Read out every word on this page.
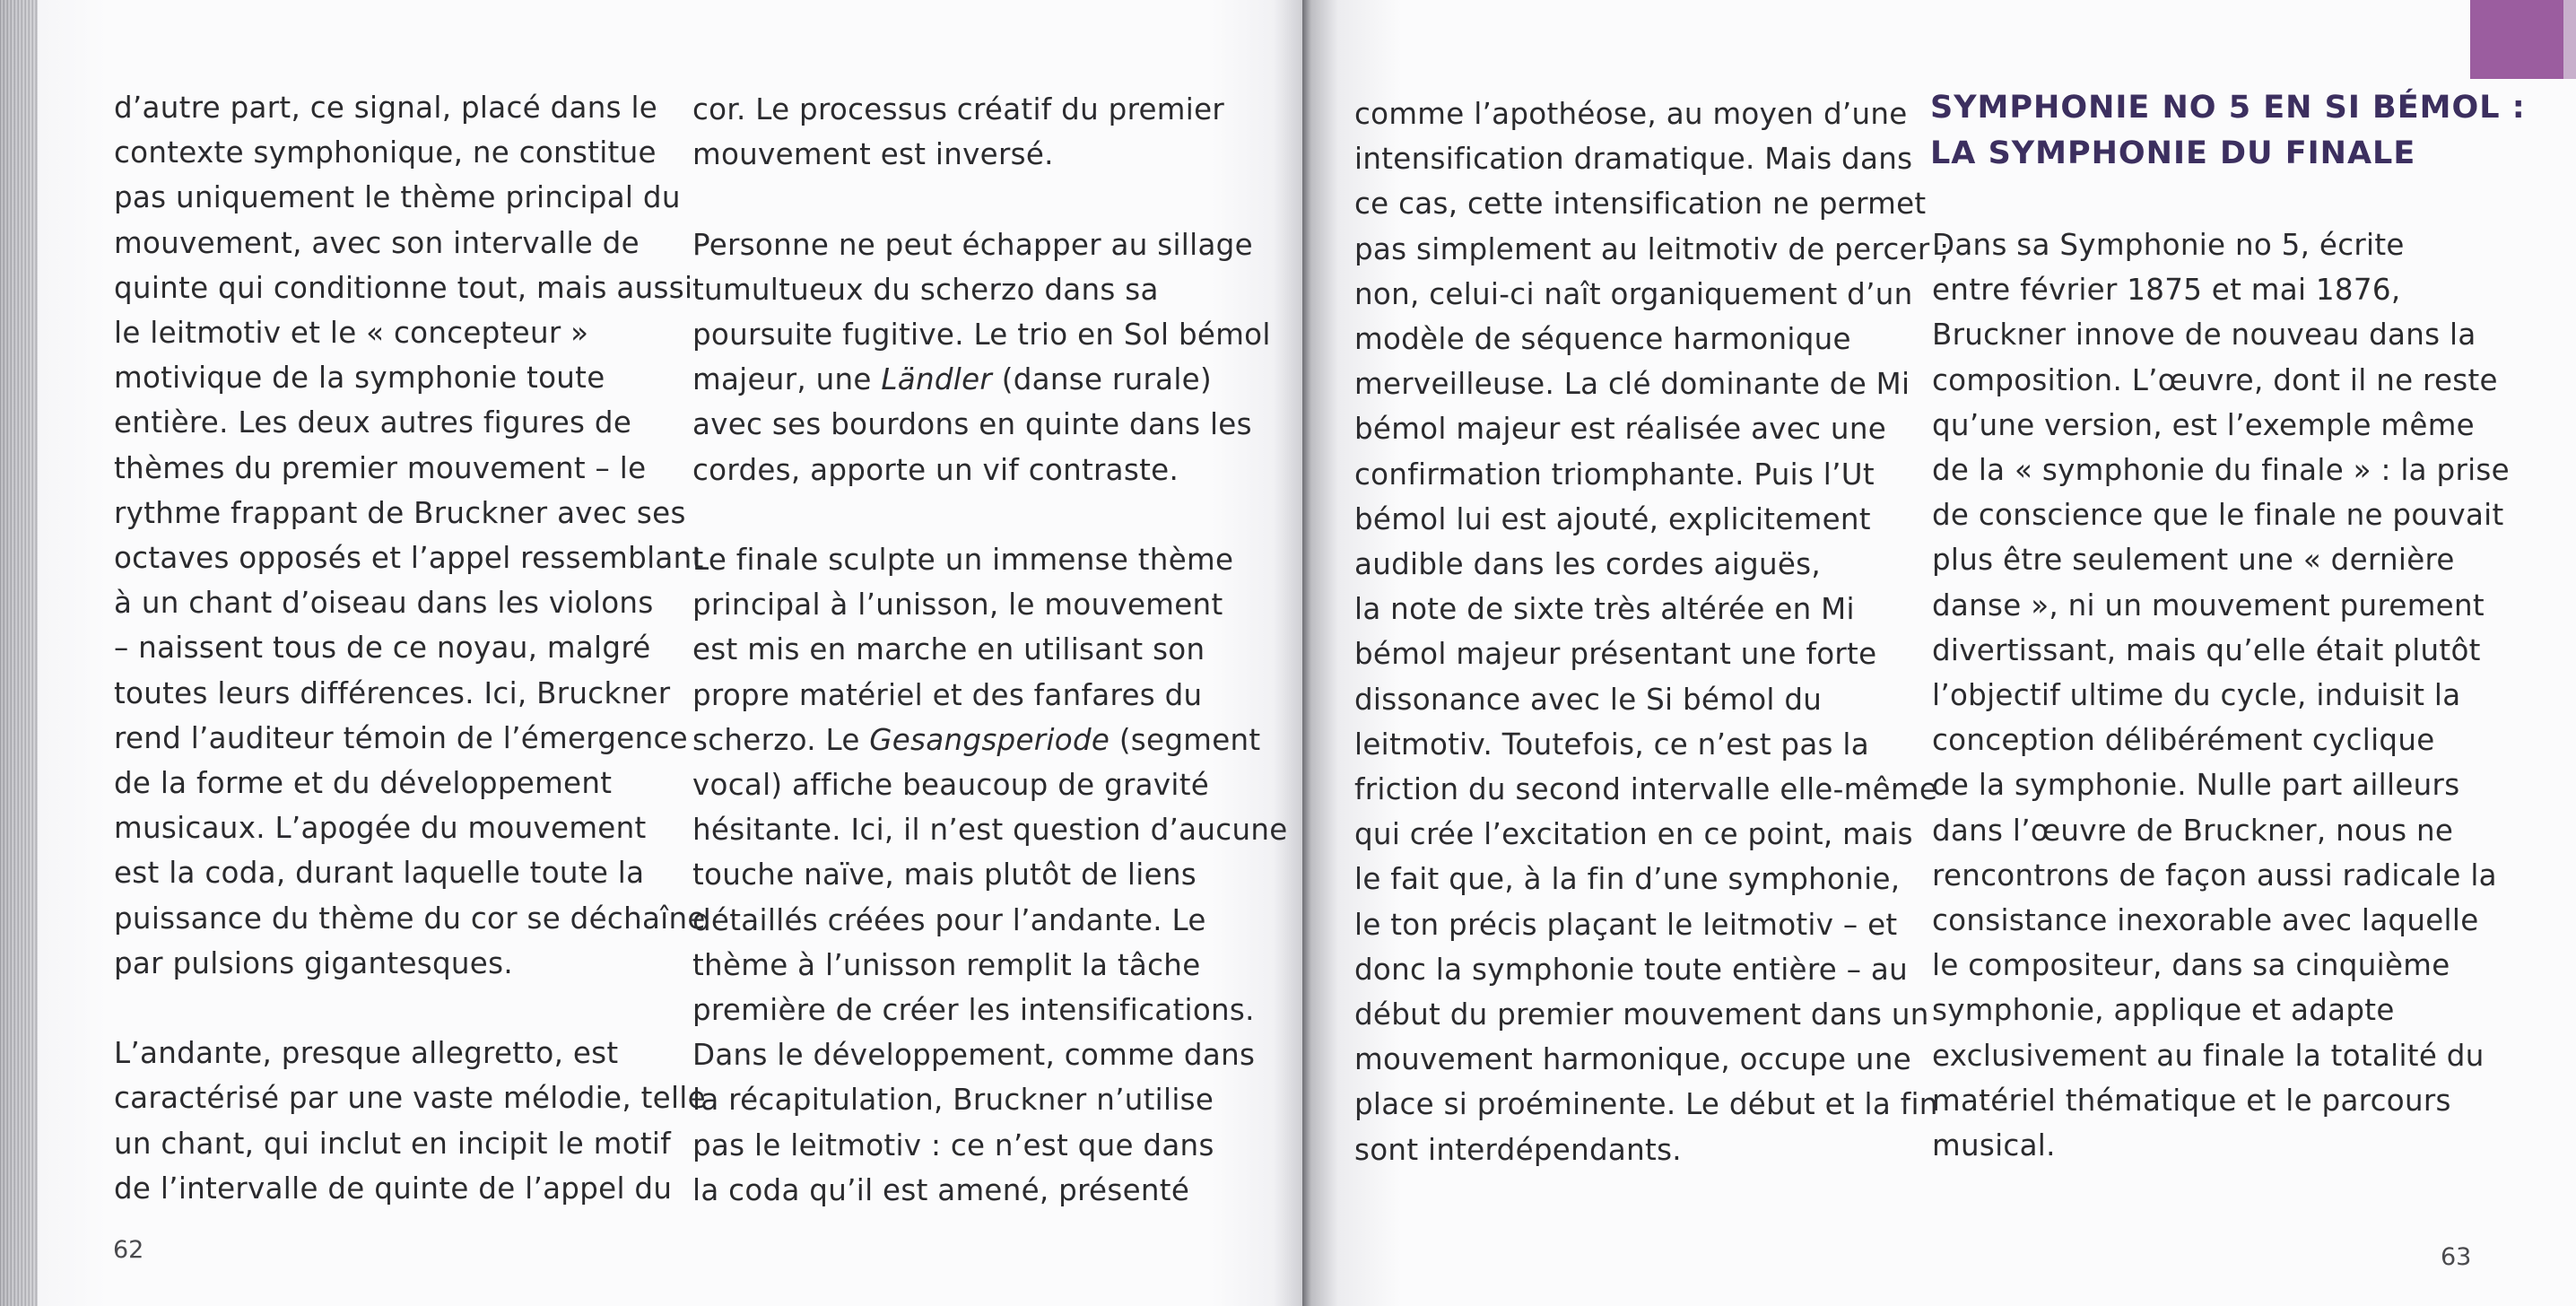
d’autre part, ce signal, placé dans le
contexte symphonique, ne constitue
pas uniquement le thème principal du
mouvement, avec son intervalle de
quinte qui conditionne tout, mais aussi
le leitmotiv et le « concepteur »
motivique de la symphonie toute
entière. Les deux autres figures de
thèmes du premier mouvement – le
rythme frappant de Bruckner avec ses
octaves opposés et l’appel ressemblant
à un chant d’oiseau dans les violons
– naissent tous de ce noyau, malgré
toutes leurs différences. Ici, Bruckner
rend l’auditeur témoin de l’émergence
de la forme et du développement
musicaux. L’apogée du mouvement
est la coda, durant laquelle toute la
puissance du thème du cor se déchaîne
par pulsions gigantesques.
L’andante, presque allegretto, est
caractérisé par une vaste mélodie, telle
un chant, qui inclut en incipit le motif
de l’intervalle de quinte de l’appel du
cor. Le processus créatif du premier
mouvement est inversé.
Personne ne peut échapper au sillage
tumultueux du scherzo dans sa
poursuite fugitive. Le trio en Sol bémol
majeur, une Ländler (danse rurale)
avec ses bourdons en quinte dans les
cordes, apporte un vif contraste.
Le finale sculpte un immense thème
principal à l’unisson, le mouvement
est mis en marche en utilisant son
propre matériel et des fanfares du
scherzo. Le Gesangsperiode (segment
vocal) affiche beaucoup de gravité
hésitante. Ici, il n’est question d’aucune
touche naïve, mais plutôt de liens
détaillés créées pour l’andante. Le
thème à l’unisson remplit la tâche
première de créer les intensifications.
Dans le développement, comme dans
la récapitulation, Bruckner n’utilise
pas le leitmotiv : ce n’est que dans
la coda qu’il est amené, présenté
62
comme l’apothéose, au moyen d’une
intensification dramatique. Mais dans
ce cas, cette intensification ne permet
pas simplement au leitmotiv de percer ;
non, celui-ci naît organiquement d’un
modèle de séquence harmonique
merveilleuse. La clé dominante de Mi
bémol majeur est réalisée avec une
confirmation triomphante. Puis l’Ut
bémol lui est ajouté, explicitement
audible dans les cordes aiguës,
la note de sixte très altérée en Mi
bémol majeur présentant une forte
dissonance avec le Si bémol du
leitmotiv. Toutefois, ce n’est pas la
friction du second intervalle elle-même
qui crée l’excitation en ce point, mais
le fait que, à la fin d’une symphonie,
le ton précis plaçant le leitmotiv – et
donc la symphonie toute entière – au
début du premier mouvement dans un
mouvement harmonique, occupe une
place si proéminente. Le début et la fin
sont interdépendants.
SYMPHONIE NO 5 EN SI BÉMOL :
LA SYMPHONIE DU FINALE
Dans sa Symphonie no 5, écrite
entre février 1875 et mai 1876,
Bruckner innove de nouveau dans la
composition. L’œuvre, dont il ne reste
qu’une version, est l’exemple même
de la « symphonie du finale » : la prise
de conscience que le finale ne pouvait
plus être seulement une « dernière
danse », ni un mouvement purement
divertissant, mais qu’elle était plutôt
l’objectif ultime du cycle, induisit la
conception délibérément cyclique
de la symphonie. Nulle part ailleurs
dans l’œuvre de Bruckner, nous ne
rencontrons de façon aussi radicale la
consistance inexorable avec laquelle
le compositeur, dans sa cinquième
symphonie, applique et adapte
exclusivement au finale la totalité du
matériel thématique et le parcours
musical.
63
